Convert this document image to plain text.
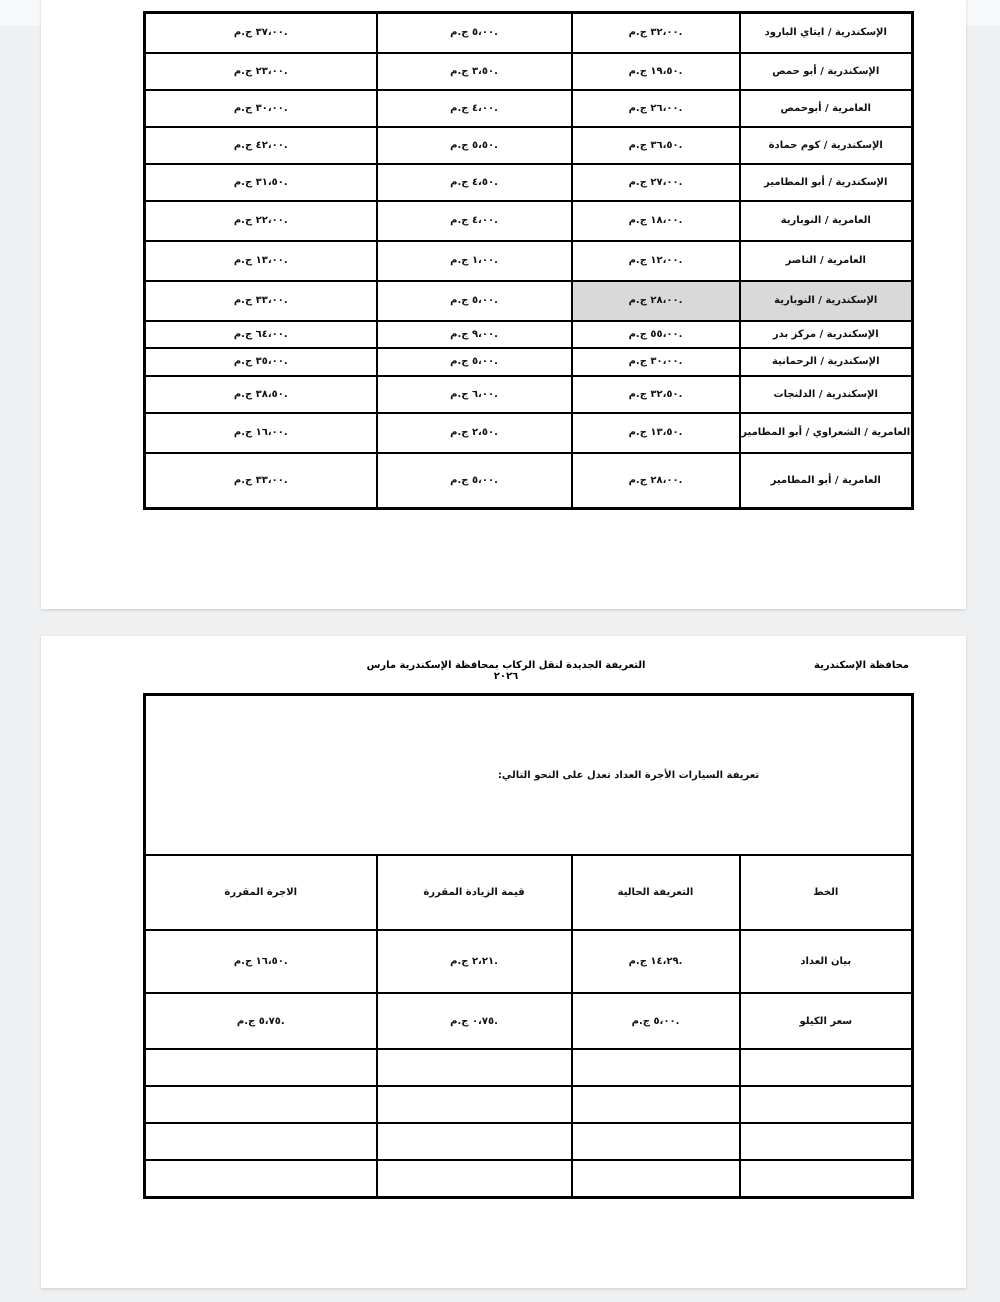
٣٧،٠٠ ج.م.	٥،٠٠ ج.م.	٣٢،٠٠ ج.م.	الإسكندرية / ايتاي البارود
٢٣،٠٠ ج.م.	٣،٥٠ ج.م.	١٩،٥٠ ج.م.	الإسكندرية / أبو حمص
٣٠،٠٠ ج.م.	٤،٠٠ ج.م.	٢٦،٠٠ ج.م.	العامرية / أبوحمص
٤٢،٠٠ ج.م.	٥،٥٠ ج.م.	٣٦،٥٠ ج.م.	الإسكندرية / كوم حمادة
٣١،٥٠ ج.م.	٤،٥٠ ج.م.	٢٧،٠٠ ج.م.	الإسكندرية / أبو المطامير
٢٢،٠٠ ج.م.	٤،٠٠ ج.م.	١٨،٠٠ ج.م.	العامرية / النوبارية
١٣،٠٠ ج.م.	١،٠٠ ج.م.	١٢،٠٠ ج.م.	العامرية / الناصر
٣٣،٠٠ ج.م.	٥،٠٠ ج.م.	٢٨،٠٠ ج.م.	الإسكندرية / النوبارية
٦٤،٠٠ ج.م.	٩،٠٠ ج.م.	٥٥،٠٠ ج.م.	الإسكندرية / مركز بدر
٣٥،٠٠ ج.م.	٥،٠٠ ج.م.	٣٠،٠٠ ج.م.	الإسكندرية / الرحمانية
٣٨،٥٠ ج.م.	٦،٠٠ ج.م.	٣٢،٥٠ ج.م.	الإسكندرية / الدلنجات
١٦،٠٠ ج.م.	٢،٥٠ ج.م.	١٣،٥٠ ج.م.	العامرية / الشعراوي / أبو المطامير
٣٣،٠٠ ج.م.	٥،٠٠ ج.م.	٢٨،٠٠ ج.م.	العامرية / أبو المطامير
محافظة الإسكندرية
التعريفة الجديدة لنقل الركاب بمحافظة الإسكندرية مارس ٢٠٢٦
تعريفة السيارات الأجرة العداد تعدل على النحو التالي:			
الاجرة المقررة	قيمة الزيادة المقررة	التعريفة الحالية	الخط
١٦،٥٠ ج.م.	٢،٢١ ج.م.	١٤،٢٩ ج.م.	بيان العداد
٥،٧٥ ج.م.	٠،٧٥ ج.م.	٥،٠٠ ج.م.	سعر الكيلو
